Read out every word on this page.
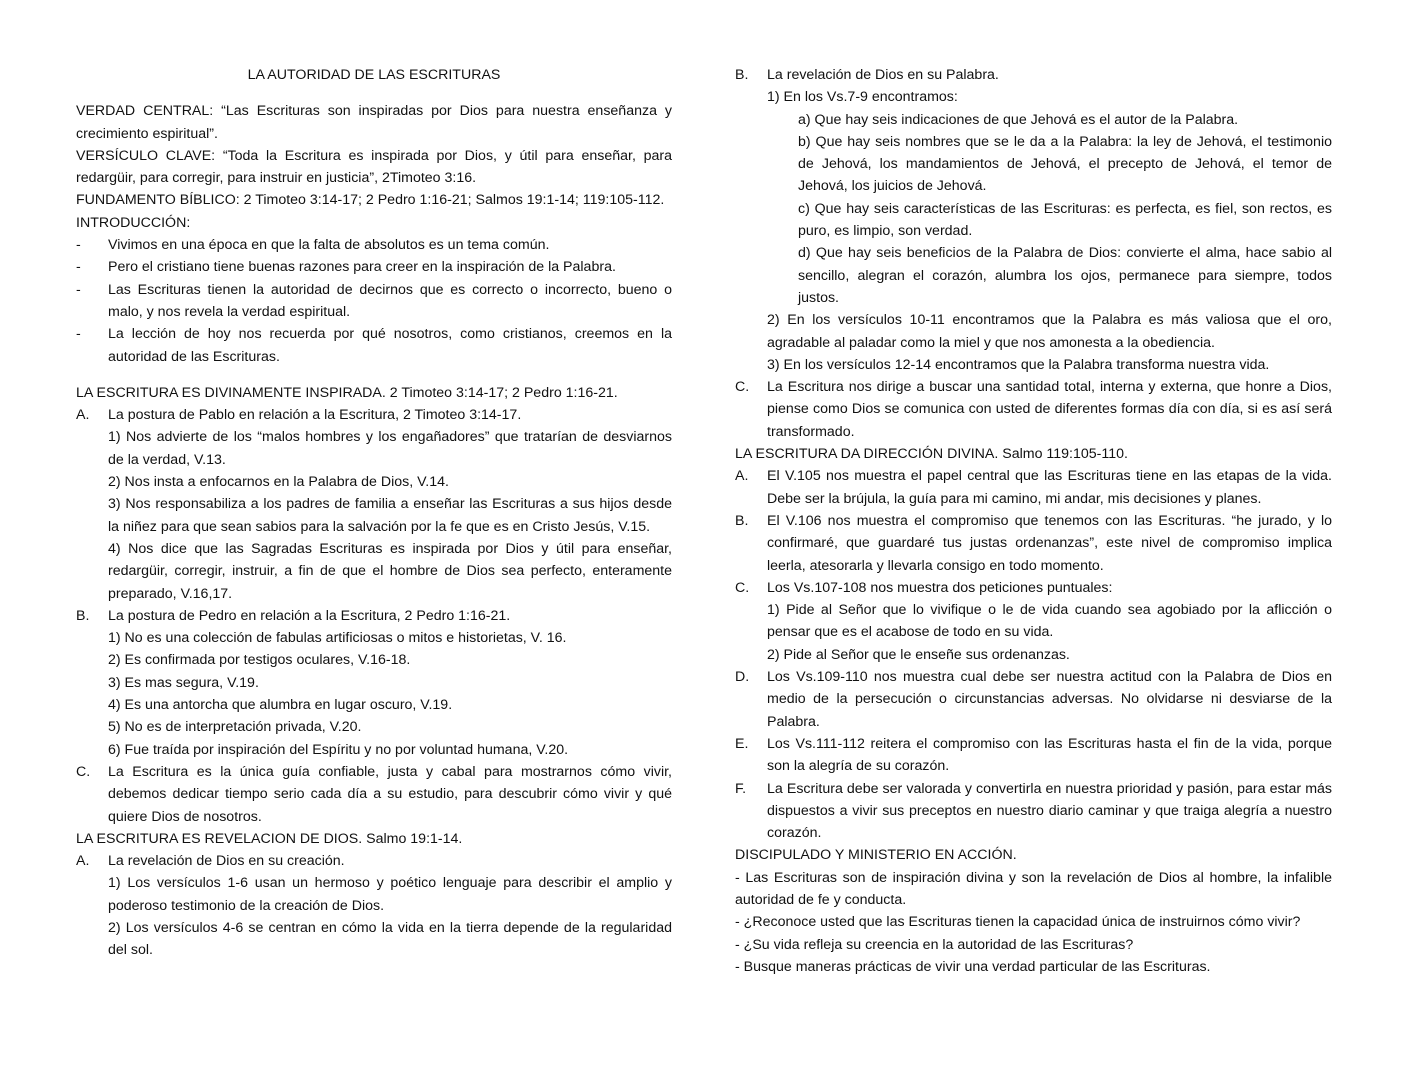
LA AUTORIDAD DE LAS ESCRITURAS
VERDAD CENTRAL: “Las Escrituras son inspiradas por Dios para nuestra enseñanza y crecimiento espiritual”.
VERSÍCULO CLAVE: “Toda la Escritura es inspirada por Dios, y útil para enseñar, para redargüir, para corregir, para instruir en justicia”, 2Timoteo 3:16.
FUNDAMENTO BÍBLICO: 2 Timoteo 3:14-17; 2 Pedro 1:16-21; Salmos 19:1-14; 119:105-112.
INTRODUCCIÓN:
-	Vivimos en una época en que la falta de absolutos es un tema común.
-	Pero el cristiano tiene buenas razones para creer en la inspiración de la Palabra.
-	Las Escrituras tienen la autoridad de decirnos que es correcto o incorrecto, bueno o malo, y nos revela la verdad espiritual.
-	La lección de hoy nos recuerda por qué nosotros, como cristianos, creemos en la autoridad de las Escrituras.
LA ESCRITURA ES DIVINAMENTE INSPIRADA. 2 Timoteo 3:14-17; 2 Pedro 1:16-21.
A.	La postura de Pablo en relación a la Escritura, 2 Timoteo 3:14-17.
1) Nos advierte de los “malos hombres y los engañadores” que tratarían de desviarnos de la verdad, V.13.
2) Nos insta a enfocarnos en la Palabra de Dios, V.14.
3) Nos responsabiliza a los padres de familia a enseñar las Escrituras a sus hijos desde la niñez para que sean sabios para la salvación por la fe que es en Cristo Jesús, V.15.
4) Nos dice que las Sagradas Escrituras es inspirada por Dios y útil para enseñar, redargüir, corregir, instruir, a fin de que el hombre de Dios sea perfecto, enteramente preparado, V.16,17.
B.	La postura de Pedro en relación a la Escritura, 2 Pedro 1:16-21.
1) No es una colección de fabulas artificiosas o mitos e historietas, V. 16.
2) Es confirmada por testigos oculares, V.16-18.
3) Es mas segura, V.19.
4) Es una antorcha que alumbra en lugar oscuro, V.19.
5) No es de interpretación privada, V.20.
6) Fue traída por inspiración del Espíritu y no por voluntad humana, V.20.
C.	La Escritura es la única guía confiable, justa y cabal para mostrarnos cómo vivir, debemos dedicar tiempo serio cada día a su estudio, para descubrir cómo vivir y qué quiere Dios de nosotros.
LA ESCRITURA ES REVELACION DE DIOS. Salmo 19:1-14.
A.	La revelación de Dios en su creación.
1) Los versículos 1-6 usan un hermoso y poético lenguaje para describir el amplio y poderoso testimonio de la creación de Dios.
2) Los versículos 4-6 se centran en cómo la vida en la tierra depende de la regularidad del sol.
B.	La revelación de Dios en su Palabra.
1) En los Vs.7-9 encontramos:
a) Que hay seis indicaciones de que Jehová es el autor de la Palabra.
b) Que hay seis nombres que se le da a la Palabra: la ley de Jehová, el testimonio de Jehová, los mandamientos de Jehová, el precepto de Jehová, el temor de Jehová, los juicios de Jehová.
c) Que hay seis características de las Escrituras: es perfecta, es fiel, son rectos, es puro, es limpio, son verdad.
d) Que hay seis beneficios de la Palabra de Dios: convierte el alma, hace sabio al sencillo, alegran el corazón, alumbra los ojos, permanece para siempre, todos justos.
2) En los versículos 10-11 encontramos que la Palabra es más valiosa que el oro, agradable al paladar como la miel y que nos amonesta a la obediencia.
3) En los versículos 12-14 encontramos que la Palabra transforma nuestra vida.
C.	La Escritura nos dirige a buscar una santidad total, interna y externa, que honre a Dios, piense como Dios se comunica con usted de diferentes formas día con día, si es así será transformado.
LA ESCRITURA DA DIRECCIÓN DIVINA. Salmo 119:105-110.
A.	El V.105 nos muestra el papel central que las Escrituras tiene en las etapas de la vida. Debe ser la brújula, la guía para mi camino, mi andar, mis decisiones y planes.
B.	El V.106 nos muestra el compromiso que tenemos con las Escrituras. “he jurado, y lo confirmaré, que guardaré tus justas ordenanzas”, este nivel de compromiso implica leerla, atesorarla y llevarla consigo en todo momento.
C.	Los Vs.107-108 nos muestra dos peticiones puntuales:
1) Pide al Señor que lo vivifique o le de vida cuando sea agobiado por la aflicción o pensar que es el acabose de todo en su vida.
2) Pide al Señor que le enseñe sus ordenanzas.
D.	Los Vs.109-110 nos muestra cual debe ser nuestra actitud con la Palabra de Dios en medio de la persecución o circunstancias adversas. No olvidarse ni desviarse de la Palabra.
E.	Los Vs.111-112 reitera el compromiso con las Escrituras hasta el fin de la vida, porque son la alegría de su corazón.
F.	La Escritura debe ser valorada y convertirla en nuestra prioridad y pasión, para estar más dispuestos a vivir sus preceptos en nuestro diario caminar y que traiga alegría a nuestro corazón.
DISCIPULADO Y MINISTERIO EN ACCIÓN.
- Las Escrituras son de inspiración divina y son la revelación de Dios al hombre, la infalible autoridad de fe y conducta.
- ¿Reconoce usted que las Escrituras tienen la capacidad única de instruirnos cómo vivir?
- ¿Su vida refleja su creencia en la autoridad de las Escrituras?
- Busque maneras prácticas de vivir una verdad particular de las Escrituras.
